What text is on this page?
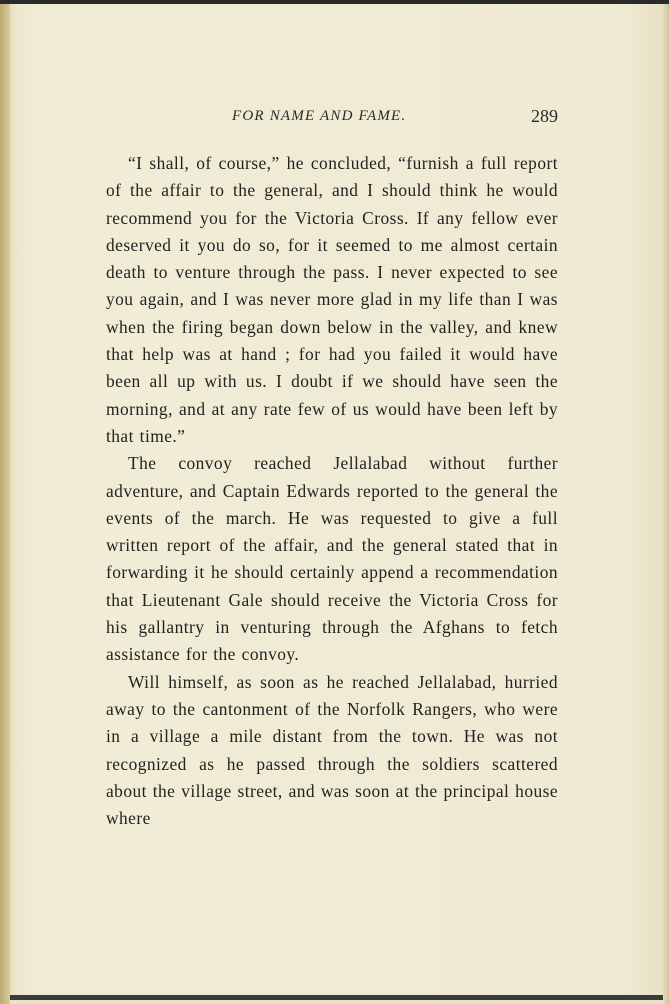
FOR NAME AND FAME.	289

“I shall, of course,” he concluded, “furnish a full report of the affair to the general, and I should think he would recommend you for the Victoria Cross. If any fellow ever deserved it you do so, for it seemed to me almost certain death to venture through the pass. I never expected to see you again, and I was never more glad in my life than I was when the firing began down below in the valley, and knew that help was at hand ; for had you failed it would have been all up with us. I doubt if we should have seen the morning, and at any rate few of us would have been left by that time.”

The convoy reached Jellalabad without further adventure, and Captain Edwards reported to the general the events of the march. He was requested to give a full written report of the affair, and the general stated that in forwarding it he should certainly append a recommendation that Lieutenant Gale should receive the Victoria Cross for his gallantry in venturing through the Afghans to fetch assistance for the convoy.

Will himself, as soon as he reached Jellalabad, hurried away to the cantonment of the Norfolk Rangers, who were in a village a mile distant from the town. He was not recognized as he passed through the soldiers scattered about the village street, and was soon at the principal house where
